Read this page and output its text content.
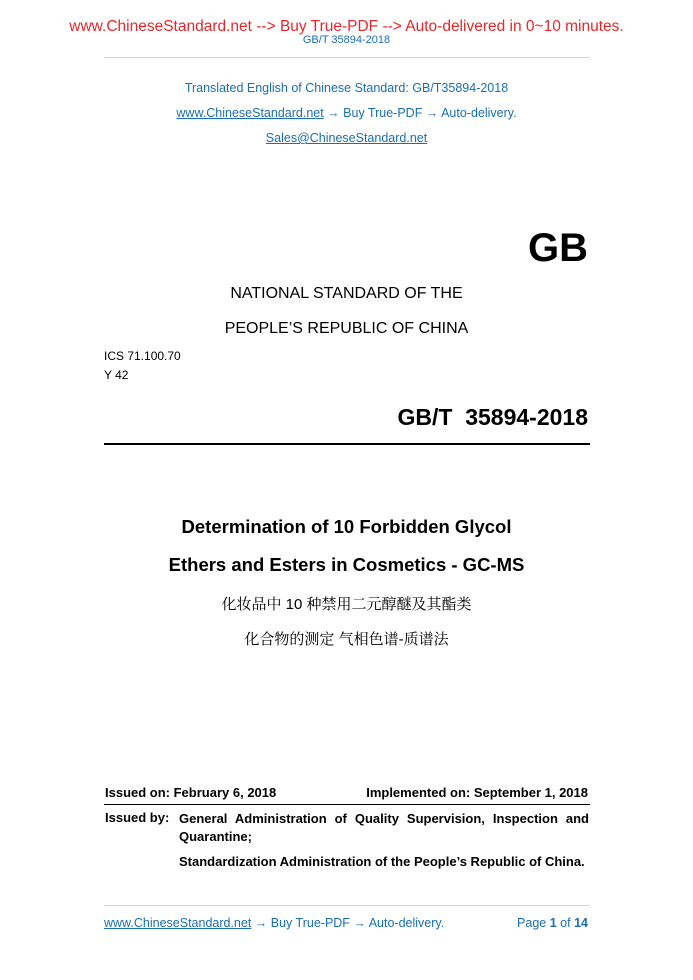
www.ChineseStandard.net --> Buy True-PDF --> Auto-delivered in 0~10 minutes.
GB/T 35894-2018
Translated English of Chinese Standard: GB/T35894-2018
www.ChineseStandard.net → Buy True-PDF → Auto-delivery.
Sales@ChineseStandard.net
GB
NATIONAL STANDARD OF THE
PEOPLE’S REPUBLIC OF CHINA
ICS 71.100.70
Y 42
GB/T  35894-2018
Determination of 10 Forbidden Glycol
Ethers and Esters in Cosmetics - GC-MS
化妆品中 10 种禁用二元醇醚及其酯类
化合物的测定 气相色谱-质谱法
Issued on: February 6, 2018	Implemented on: September 1, 2018
Issued by: General Administration of Quality Supervision, Inspection and Quarantine;
Standardization Administration of the People’s Republic of China.
www.ChineseStandard.net → Buy True-PDF → Auto-delivery.	Page 1 of 14
